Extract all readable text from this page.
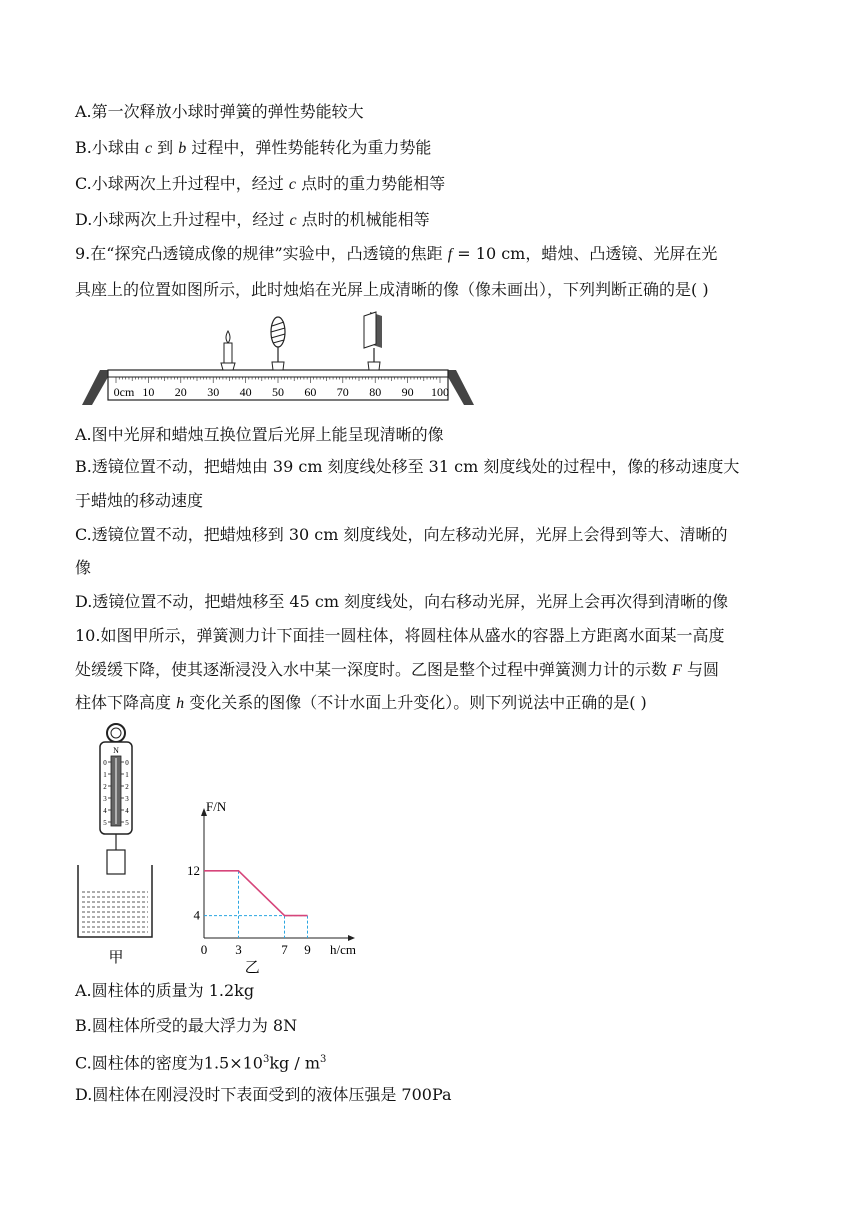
A.第一次释放小球时弹簧的弹性势能较大
B.小球由 c 到 b 过程中，弹性势能转化为重力势能
C.小球两次上升过程中，经过 c 点时的重力势能相等
D.小球两次上升过程中，经过 c 点时的机械能相等
9.在“探究凸透镜成像的规律”实验中，凸透镜的焦距 f = 10 cm，蜡烛、凸透镜、光屏在光
具座上的位置如图所示，此时烛焰在光屏上成清晰的像（像未画出），下列判断正确的是( )
0cm 10 20 30 40 50 60 70 80 90 100
A.图中光屏和蜡烛互换位置后光屏上能呈现清晰的像
B.透镜位置不动，把蜡烛由 39 cm 刻度线处移至 31 cm 刻度线处的过程中，像的移动速度大
于蜡烛的移动速度
C.透镜位置不动，把蜡烛移到 30 cm 刻度线处，向左移动光屏，光屏上会得到等大、清晰的
像
D.透镜位置不动，把蜡烛移至 45 cm 刻度线处，向右移动光屏，光屏上会再次得到清晰的像
10.如图甲所示，弹簧测力计下面挂一圆柱体，将圆柱体从盛水的容器上方距离水面某一高度
处缓缓下降，使其逐渐浸没入水中某一深度时。乙图是整个过程中弹簧测力计的示数 F 与圆
柱体下降高度 h 变化关系的图像（不计水面上升变化）。则下列说法中正确的是( )
N
0	0
1	1
2	2
3	3
4	4
5	5
甲
0 3	7 9
4
12
F/N
h/cm
乙
A.圆柱体的质量为 1.2kg
B.圆柱体所受的最大浮力为 8N
C.圆柱体的密度为$1.5\times 10^3kg / m^3$
D.圆柱体在刚浸没时下表面受到的液体压强是 700Pa
